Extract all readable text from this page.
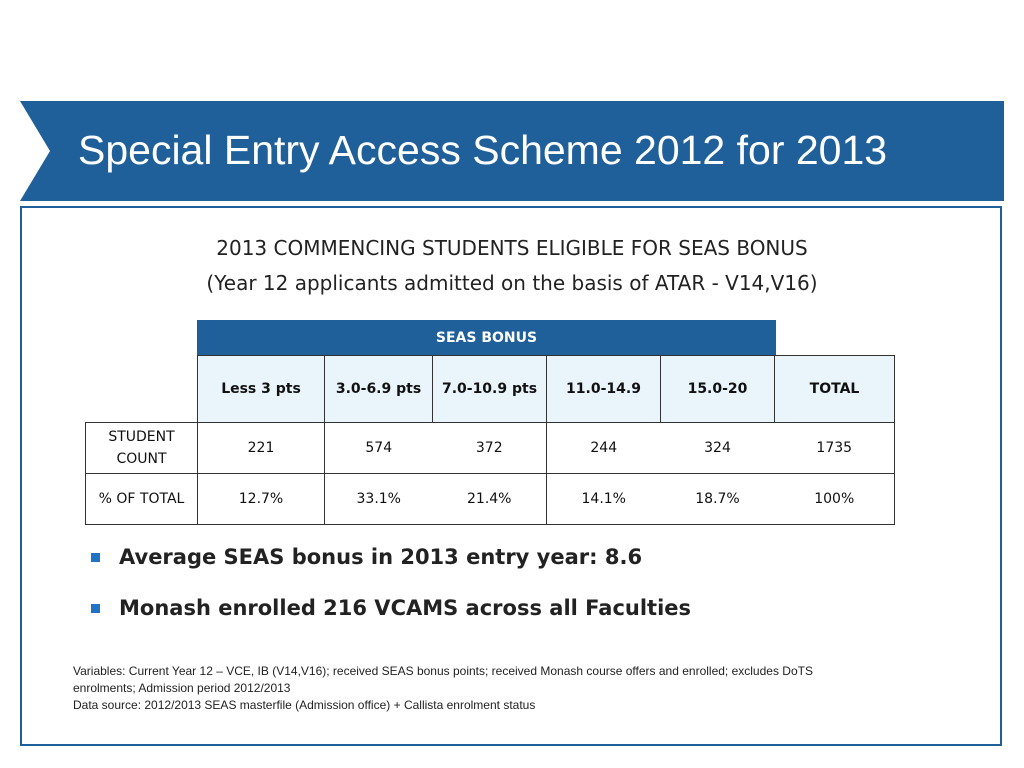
Special Entry Access Scheme 2012 for 2013
2013 COMMENCING STUDENTS ELIGIBLE FOR SEAS BONUS
(Year 12 applicants admitted on the basis of ATAR - V14,V16)
SEAS BONUS
	Less 3 pts	3.0-6.9 pts	7.0-10.9 pts	11.0-14.9	15.0-20	TOTAL

STUDENT
COUNT	221	574	372	244	324	1735

% OF TOTAL	12.7%	33.1%	21.4%	14.1%	18.7%	100%
Average SEAS bonus in 2013 entry year: 8.6
Monash enrolled 216 VCAMS across all Faculties
Variables: Current Year 12 – VCE, IB (V14,V16); received SEAS bonus points; received Monash course offers and enrolled; excludes DoTS
enrolments; Admission period 2012/2013
Data source: 2012/2013 SEAS masterfile (Admission office) + Callista enrolment status
